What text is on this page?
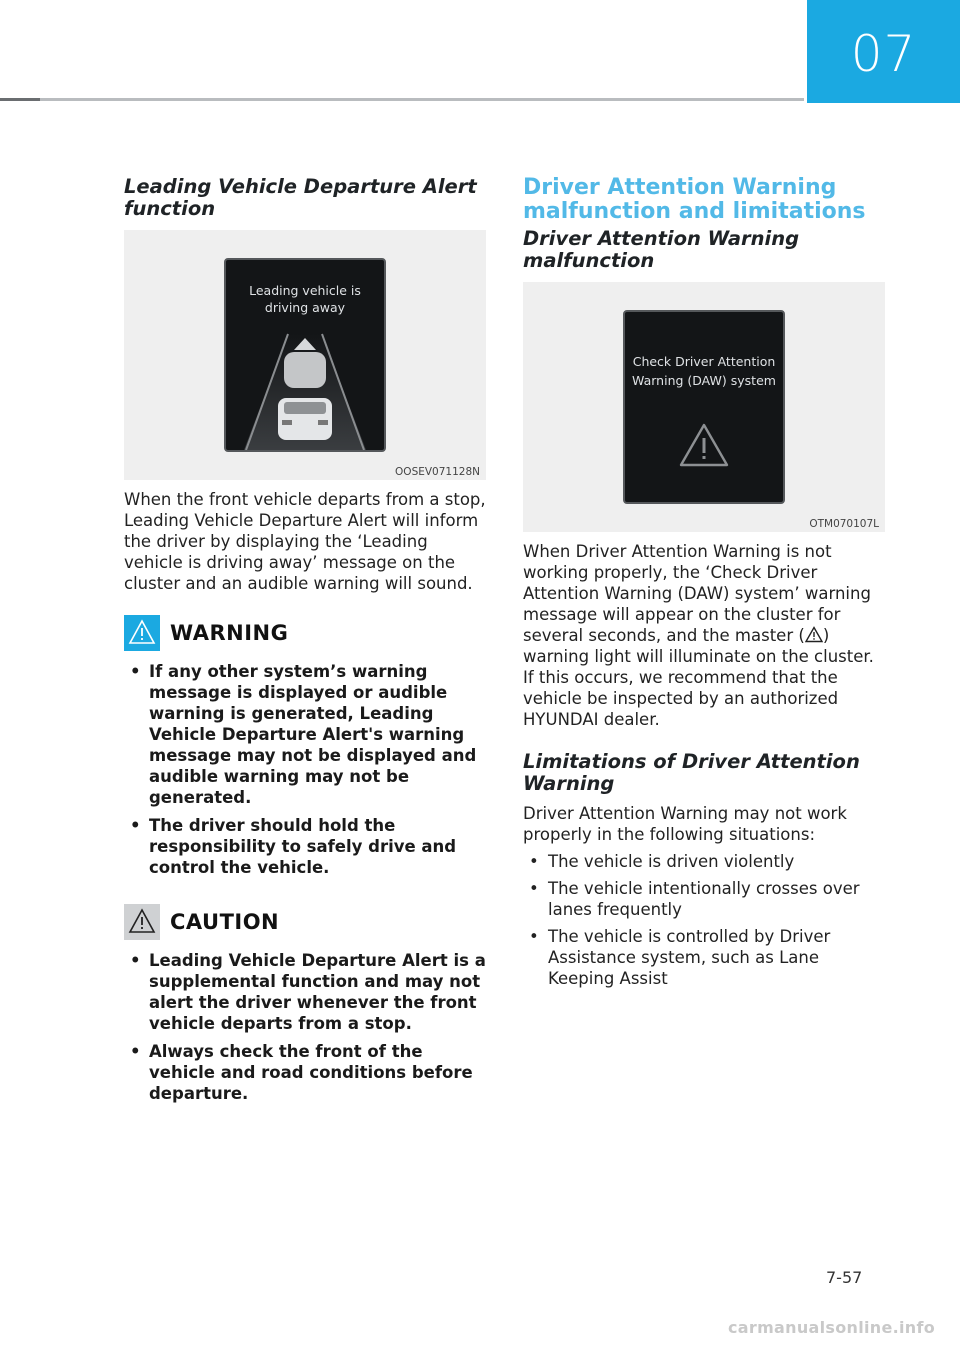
07
Leading Vehicle Departure Alert function
Leading vehicle is driving away
OOSEV071128N

When the front vehicle departs from a stop, Leading Vehicle Departure Alert will inform the driver by displaying the ‘Leading vehicle is driving away’ message on the cluster and an audible warning will sound.

WARNING
• If any other system’s warning message is displayed or audible warning is generated, Leading Vehicle Departure Alert's warning message may not be displayed and audible warning may not be generated.
• The driver should hold the responsibility to safely drive and control the vehicle.
CAUTION
• Leading Vehicle Departure Alert is a supplemental function and may not alert the driver whenever the front vehicle departs from a stop.
• Always check the front of the vehicle and road conditions before departure.
Driver Attention Warning malfunction and limitations
Driver Attention Warning malfunction
Check Driver Attention Warning (DAW) system
OTM070107L

When Driver Attention Warning is not working properly, the ‘Check Driver Attention Warning (DAW) system’ warning message will appear on the cluster for several seconds, and the master ( ) warning light will illuminate on the cluster. If this occurs, we recommend that the vehicle be inspected by an authorized HYUNDAI dealer.

Limitations of Driver Attention Warning

Driver Attention Warning may not work properly in the following situations:

• The vehicle is driven violently
• The vehicle intentionally crosses over lanes frequently
• The vehicle is controlled by Driver Assistance system, such as Lane Keeping Assist
7-57
carmanualsonline.info
